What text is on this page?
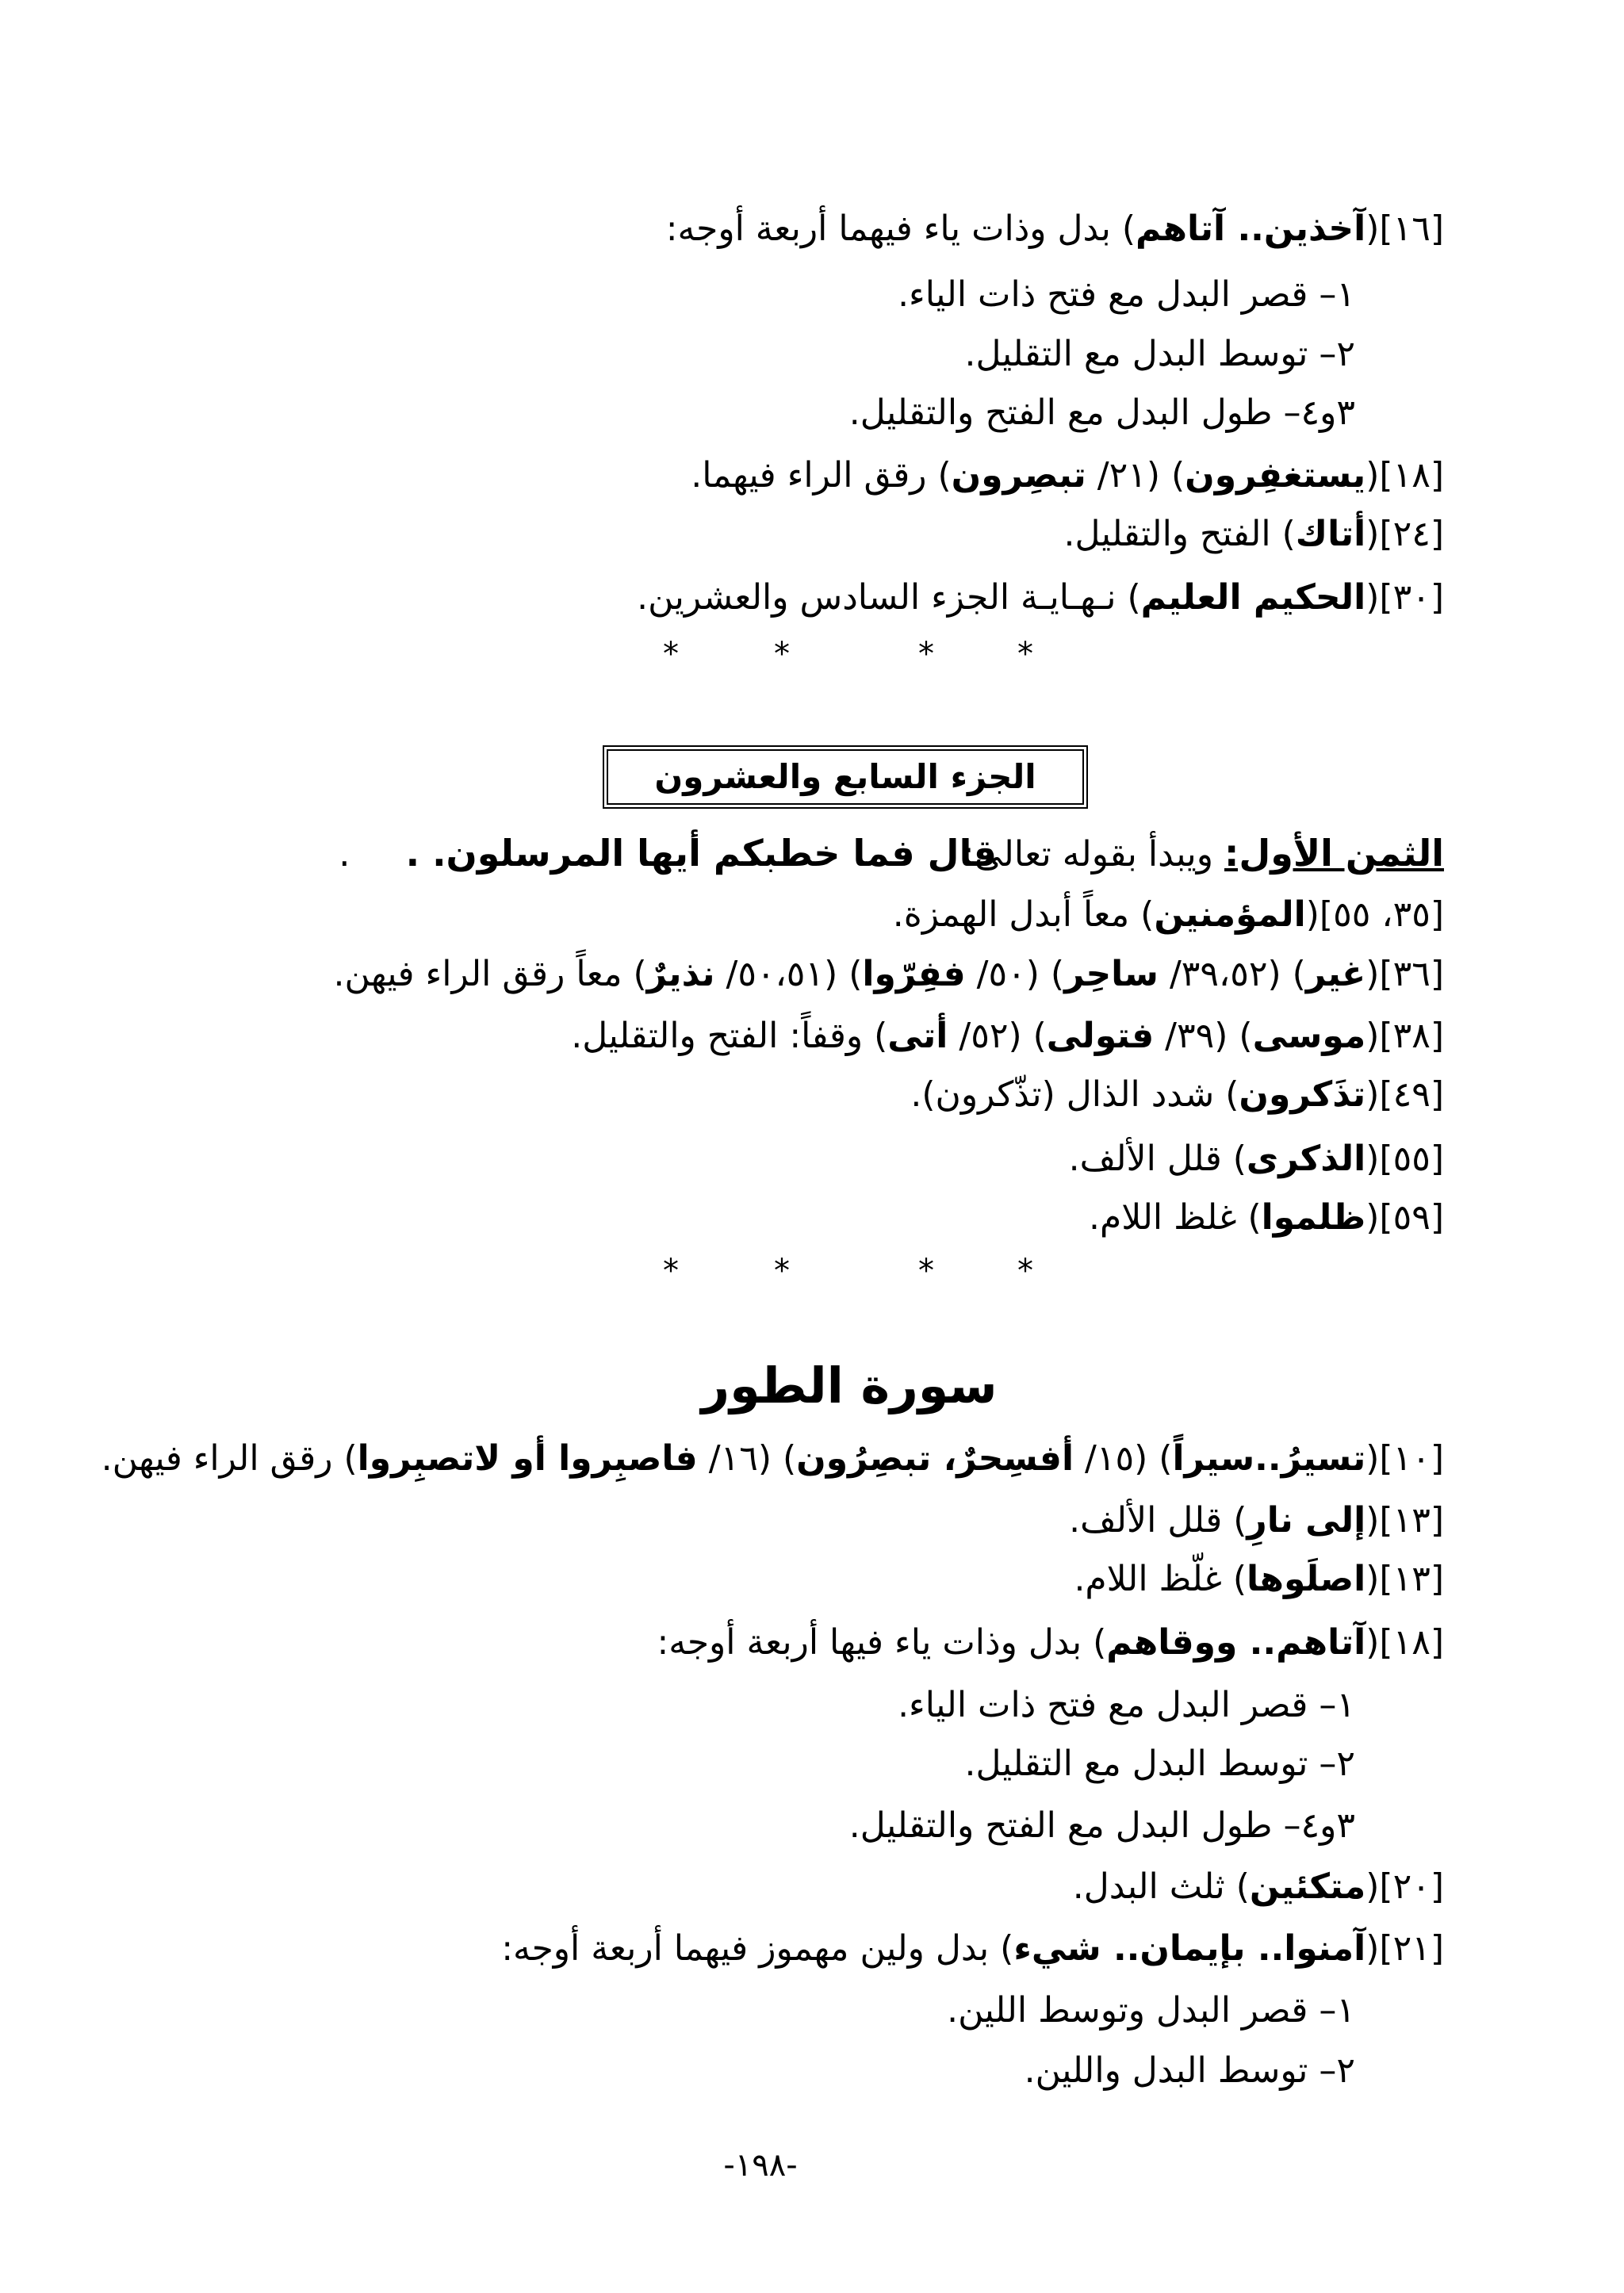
[١٦](آخذين.. آتاهم) بدل وذات ياء فيهما أربعة أوجه:
١– قصر البدل مع فتح ذات الياء.
٢– توسط البدل مع التقليل.
٣و٤– طول البدل مع الفتح والتقليل.
[١٨](يستغفِرون) (٢١/ تبصِرون) رقق الراء فيهما.
[٢٤](أتاك) الفتح والتقليل.
[٣٠](الحكيم العليم) نـهـايـة الجزء السادس والعشرين.
*
*
*
*
الجزء السابع والعشرون
الثمن الأول: ويبدأ بقوله تعالى:
قال فما خطبكم أيها المرسلون. ..
[٣٥، ٥٥](المؤمنين) معاً أبدل الهمزة.
[٣٦](غير) (٣٩،٥٢/ ساحِر) (٥٠/ ففِرّوا) (٥٠،٥١/ نذيرٌ) معاً رقق الراء فيهن.
[٣٨](موسى) (٣٩/ فتولى) (٥٢/ أتى) وقفاً: الفتح والتقليل.
[٤٩](تذَكرون) شدد الذال (تذّكرون).
[٥٥](الذكرى) قلل الألف.
[٥٩](ظلموا) غلظ اللام.
*
*
*
*
سورة الطور
[١٠](تسيرُ..سيراً) (١٥/ أفسِحرٌ، تبصِرُون) (١٦/ فاصبِروا أو لاتصبِروا) رقق الراء فيهن.
[١٣](إلى نارِ) قلل الألف.
[١٣](اصلَوها) غلّظ اللام.
[١٨](آتاهم.. ووقاهم) بدل وذات ياء فيها أربعة أوجه:
١– قصر البدل مع فتح ذات الياء.
٢– توسط البدل مع التقليل.
٣و٤– طول البدل مع الفتح والتقليل.
[٢٠](متكئين) ثلث البدل.
[٢١](آمنوا.. بإيمان.. شيء) بدل ولين مهموز فيهما أربعة أوجه:
١– قصر البدل وتوسط اللين.
٢– توسط البدل واللين.
-١٩٨-
